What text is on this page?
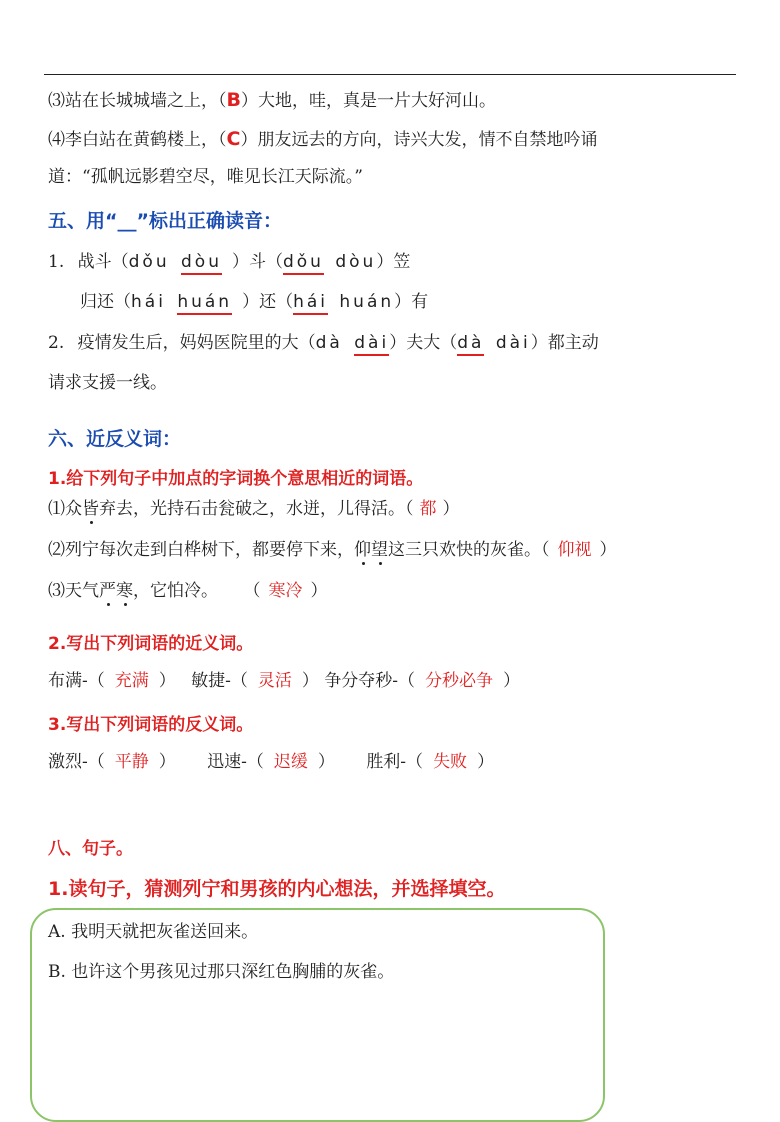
⑶站在长城城墙之上，（B）大地，哇，真是一片大好河山。
⑷李白站在黄鹤楼上，（C）朋友远去的方向，诗兴大发，情不自禁地吟诵
道：“孤帆远影碧空尽，唯见长江天际流。”
五、用“__”标出正确读音：
1. 战斗（dǒu dòu ）斗（dǒu dòu）笠
归还（hái huán ）还（hái huán）有
2. 疫情发生后，妈妈医院里的大（dà dài）夫大（dà dài）都主动
请求支援一线。
六、近反义词：
1.给下列句子中加点的字词换个意思相近的词语。
⑴众皆弃去，光持石击瓮破之，水迸，儿得活。（ 都 ）
⑵列宁每次走到白桦树下，都要停下来，仰望这三只欢快的灰雀。（ 仰视 ）
⑶天气严寒，它怕冷。 （ 寒冷 ）
2.写出下列词语的近义词。
布满-（ 充满 ） 敏捷-（ 灵活 ） 争分夺秒-（ 分秒必争 ）
3.写出下列词语的反义词。
激烈-（ 平静 ） 迅速-（ 迟缓 ） 胜利-（ 失败 ）
八、句子。
1.读句子，猜测列宁和男孩的内心想法，并选择填空。
A. 我明天就把灰雀送回来。
B. 也许这个男孩见过那只深红色胸脯的灰雀。
